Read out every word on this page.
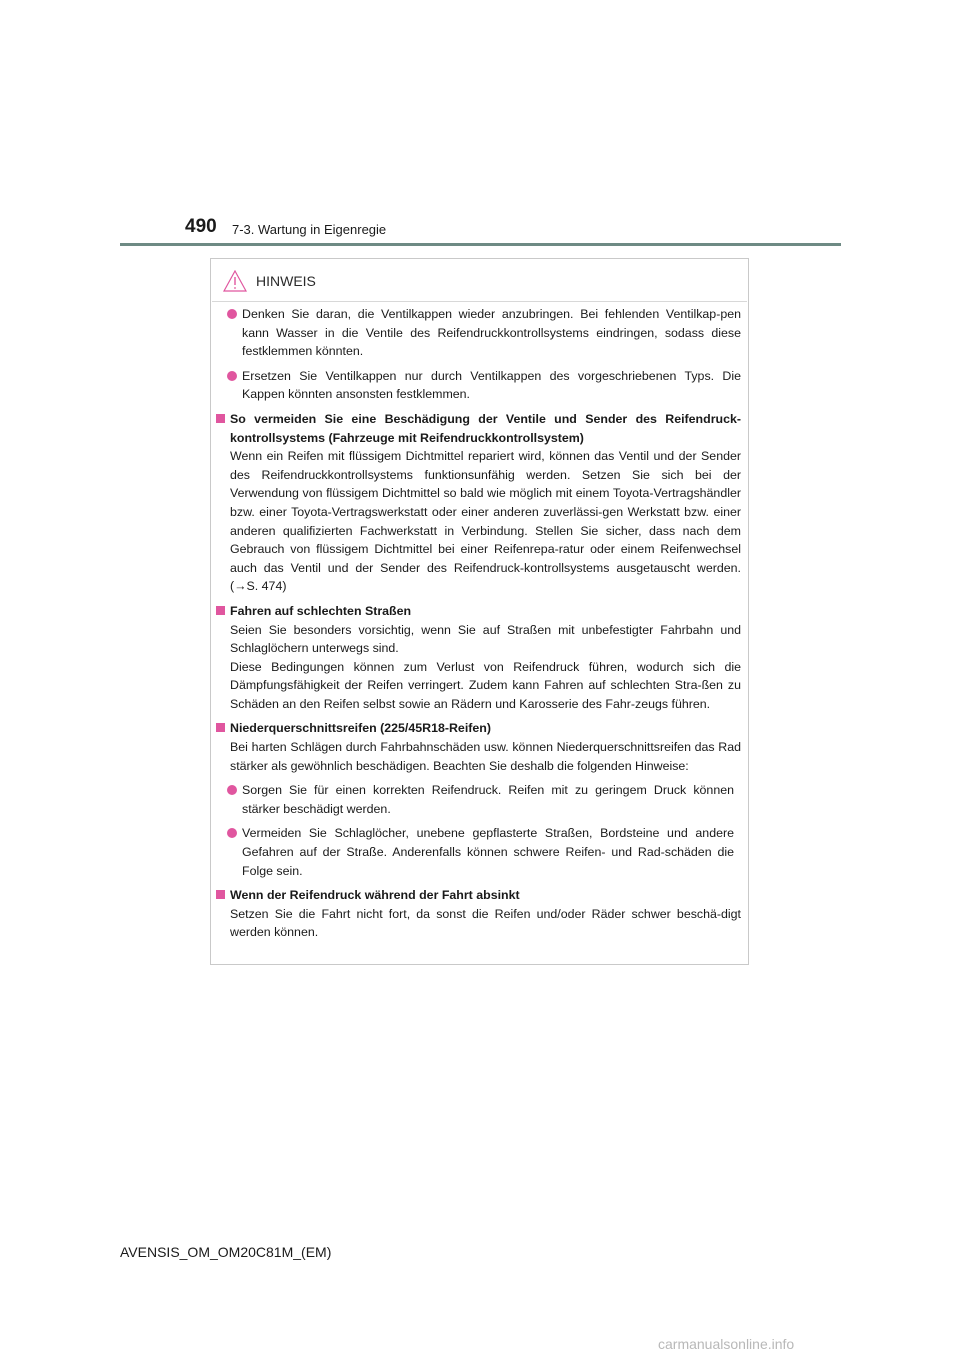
490 7-3. Wartung in Eigenregie
HINWEIS

Denken Sie daran, die Ventilkappen wieder anzubringen. Bei fehlenden Ventilkap-pen kann Wasser in die Ventile des Reifendruckkontrollsystems eindringen, sodass diese festklemmen könnten.

Ersetzen Sie Ventilkappen nur durch Ventilkappen des vorgeschriebenen Typs. Die Kappen könnten ansonsten festklemmen.

So vermeiden Sie eine Beschädigung der Ventile und Sender des Reifendruck-kontrollsystems (Fahrzeuge mit Reifendruckkontrollsystem)

Wenn ein Reifen mit flüssigem Dichtmittel repariert wird, können das Ventil und der Sender des Reifendruckkontrollsystems funktionsunfähig werden. Setzen Sie sich bei der Verwendung von flüssigem Dichtmittel so bald wie möglich mit einem Toyota-Vertragshändler bzw. einer Toyota-Vertragswerkstatt oder einer anderen zuverlässi-gen Werkstatt bzw. einer anderen qualifizierten Fachwerkstatt in Verbindung. Stellen Sie sicher, dass nach dem Gebrauch von flüssigem Dichtmittel bei einer Reifenrepa-ratur oder einem Reifenwechsel auch das Ventil und der Sender des Reifendruck-kontrollsystems ausgetauscht werden. (→S. 474)

Fahren auf schlechten Straßen

Seien Sie besonders vorsichtig, wenn Sie auf Straßen mit unbefestigter Fahrbahn und Schlaglöchern unterwegs sind.

Diese Bedingungen können zum Verlust von Reifendruck führen, wodurch sich die Dämpfungsfähigkeit der Reifen verringert. Zudem kann Fahren auf schlechten Stra-ßen zu Schäden an den Reifen selbst sowie an Rädern und Karosserie des Fahr-zeugs führen.

Niederquerschnittsreifen (225/45R18-Reifen)

Bei harten Schlägen durch Fahrbahnschäden usw. können Niederquerschnittsreifen das Rad stärker als gewöhnlich beschädigen. Beachten Sie deshalb die folgenden Hinweise:

Sorgen Sie für einen korrekten Reifendruck. Reifen mit zu geringem Druck können stärker beschädigt werden.

Vermeiden Sie Schlaglöcher, unebene gepflasterte Straßen, Bordsteine und andere Gefahren auf der Straße. Anderenfalls können schwere Reifen- und Rad-schäden die Folge sein.

Wenn der Reifendruck während der Fahrt absinkt

Setzen Sie die Fahrt nicht fort, da sonst die Reifen und/oder Räder schwer beschä-digt werden können.

AVENSIS_OM_OM20C81M_(EM)
carmanualsonline.info
